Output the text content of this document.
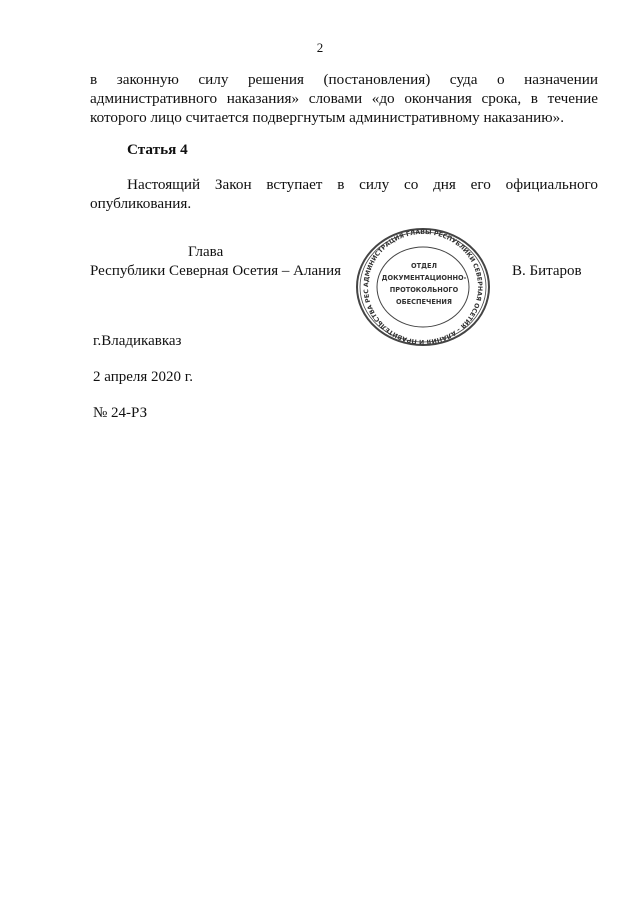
2
в законную силу решения (постановления) суда о назначении
административного наказания» словами «до окончания срока, в течение
которого лицо считается подвергнутым административному наказанию».
Статья 4
Настоящий Закон вступает в силу со дня его официального
опубликования.
Глава
Республики Северная Осетия – Алания
АДМИНИСТРАЦИЯ ГЛАВЫ РЕСПУБЛИКИ СЕВЕРНАЯ ОСЕТИЯ – АЛАНИЯ И ПРАВИТЕЛЬСТВА РЕС
ОТДЕЛ
ДОКУМЕНТАЦИОННО-
ПРОТОКОЛЬНОГО
ОБЕСПЕЧЕНИЯ
В. Битаров
г.Владикавказ
2 апреля 2020 г.
№ 24-РЗ
